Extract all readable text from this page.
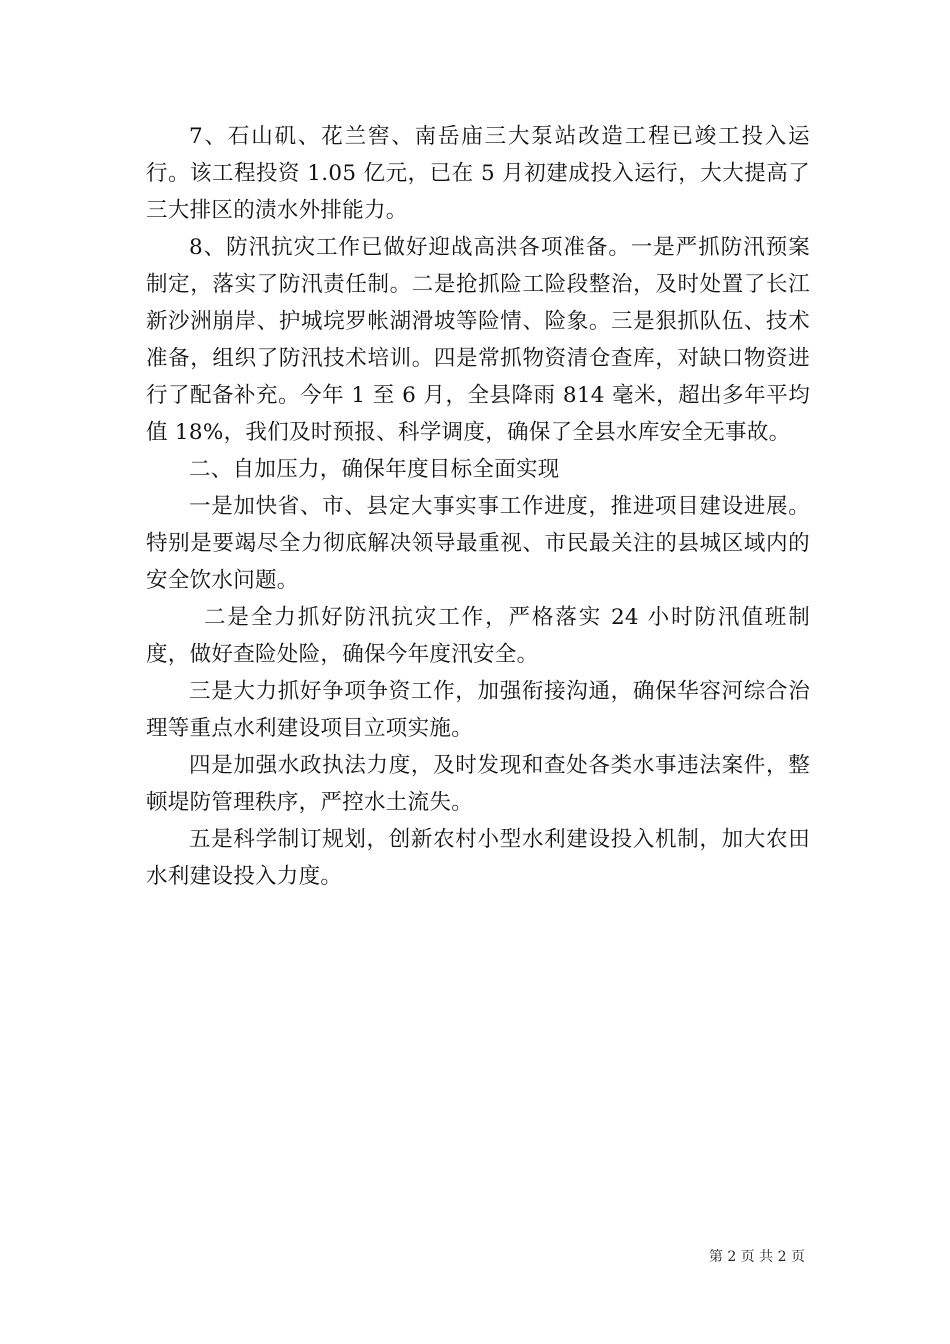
7、石山矶、花兰窖、南岳庙三大泵站改造工程已竣工投入运行。该工程投资 1.05 亿元，已在 5 月初建成投入运行，大大提高了三大排区的渍水外排能力。

8、防汛抗灾工作已做好迎战高洪各项准备。一是严抓防汛预案制定，落实了防汛责任制。二是抢抓险工险段整治，及时处置了长江新沙洲崩岸、护城垸罗帐湖滑坡等险情、险象。三是狠抓队伍、技术准备，组织了防汛技术培训。四是常抓物资清仓查库，对缺口物资进行了配备补充。今年 1 至 6 月，全县降雨 814 毫米，超出多年平均值 18%，我们及时预报、科学调度，确保了全县水库安全无事故。

二、自加压力，确保年度目标全面实现

一是加快省、市、县定大事实事工作进度，推进项目建设进展。特别是要竭尽全力彻底解决领导最重视、市民最关注的县城区域内的安全饮水问题。

二是全力抓好防汛抗灾工作，严格落实 24 小时防汛值班制度，做好查险处险，确保今年度汛安全。

三是大力抓好争项争资工作，加强衔接沟通，确保华容河综合治理等重点水利建设项目立项实施。

四是加强水政执法力度，及时发现和查处各类水事违法案件，整顿堤防管理秩序，严控水土流失。

五是科学制订规划，创新农村小型水利建设投入机制，加大农田水利建设投入力度。

第 2 页 共 2 页
